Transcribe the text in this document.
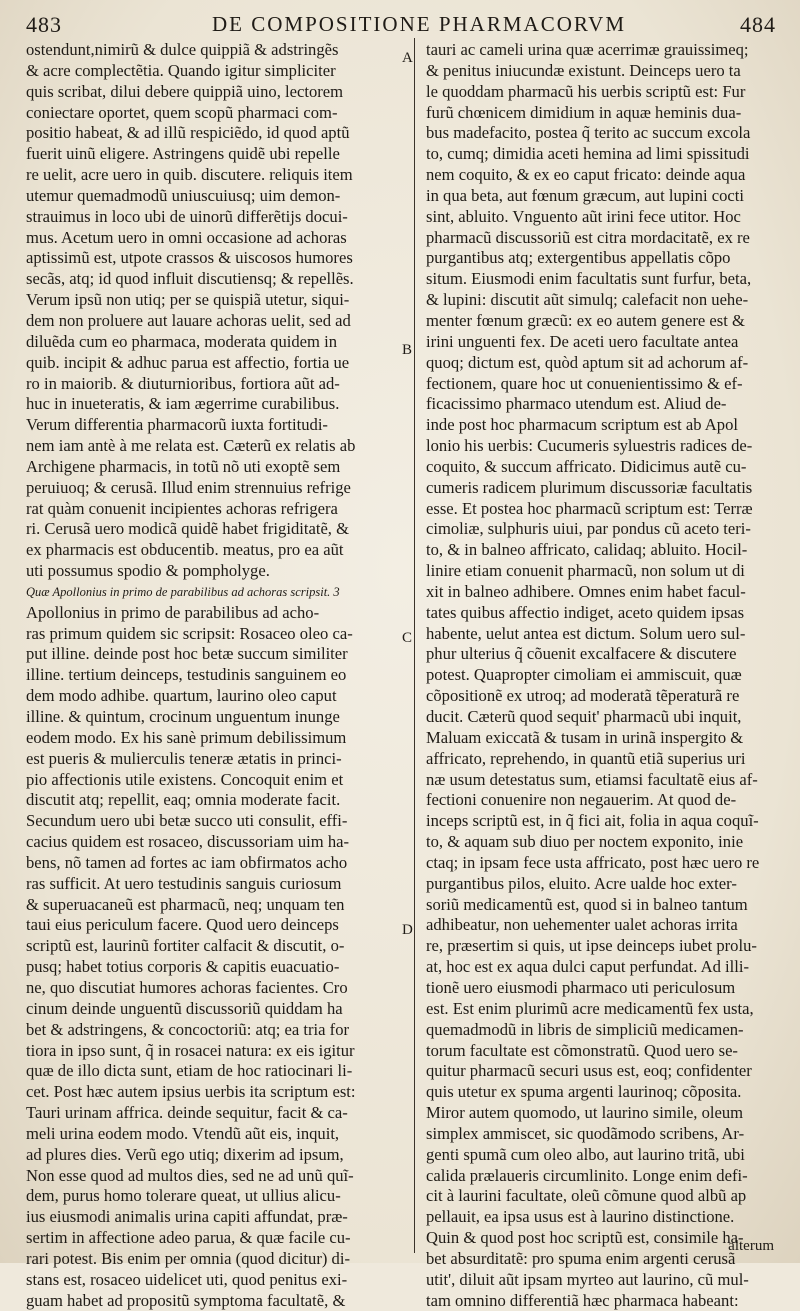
483	DE COMPOSITIONE PHARMACORVM	484
A
B
C
D
ostendunt,nimirũ & dulce quippiã & adstringẽs
& acre complectẽtia. Quando igitur simpliciter
quis scribat, dilui debere quippiã uino, lectorem
coniectare oportet, quem scopũ pharmaci com-
positio habeat, & ad illũ respiciẽdo, id quod aptũ
fuerit uinũ eligere. Astringens quidẽ ubi repelle
re uelit, acre uero in quib. discutere. reliquis item
utemur quemadmodũ uniuscuiusq; uim demon-
strauimus in loco ubi de uinorũ differẽtijs docui-
mus. Acetum uero in omni occasione ad achoras
aptissimũ est, utpote crassos & uiscosos humores
secãs, atq; id quod influit discutiensq; & repellẽs.
Verum ipsũ non utiq; per se quispiã utetur, siqui-
dem non proluere aut lauare achoras uelit, sed ad
diluẽda cum eo pharmaca, moderata quidem in
quib. incipit & adhuc parua est affectio, fortia ue
ro in maiorib. & diuturnioribus, fortiora aũt ad-
huc in inueteratis, & iam ægerrime curabilibus.
Verum differentia pharmacorũ iuxta fortitudi-
nem iam antè à me relata est. Cæterũ ex relatis ab
Archigene pharmacis, in totũ nõ uti exoptẽ sem
peruiuoq; & cerusã. Illud enim strennuius refrige
rat quàm conuenit incipientes achoras refrigera
ri. Cerusã uero modicã quidẽ habet frigiditatẽ, &
ex pharmacis est obducentib. meatus, pro ea aũt
uti possumus spodio & pompholyge.
Quæ Apollonius in primo de parabilibus ad achoras scripsit. 3
Apollonius in primo de parabilibus ad acho-
ras primum quidem sic scripsit: Rosaceo oleo ca-
put illine. deinde post hoc betæ succum similiter
illine. tertium deinceps, testudinis sanguinem eo
dem modo adhibe. quartum, laurino oleo caput
illine. & quintum, crocinum unguentum inunge
eodem modo. Ex his sanè primum debilissimum
est pueris & mulierculis teneræ ætatis in princi-
pio affectionis utile existens. Concoquit enim et
discutit atq; repellit, eaq; omnia moderate facit.
Secundum uero ubi betæ succo uti consulit, effi-
cacius quidem est rosaceo, discussoriam uim ha-
bens, nõ tamen ad fortes ac iam obfirmatos acho
ras sufficit. At uero testudinis sanguis curiosum
& superuacaneũ est pharmacũ, neq; unquam ten
taui eius periculum facere. Quod uero deinceps
scriptũ est, laurinũ fortiter calfacit & discutit, o-
pusq; habet totius corporis & capitis euacuatio-
ne, quo discutiat humores achoras facientes. Cro
cinum deinde unguentũ discussoriũ quiddam ha
bet & adstringens, & concoctoriũ: atq; ea tria for
tiora in ipso sunt, q̃ in rosacei natura: ex eis igitur
quæ de illo dicta sunt, etiam de hoc ratiocinari li-
cet. Post hæc autem ipsius uerbis ita scriptum est:
Tauri urinam affrica. deinde sequitur, facit & ca-
meli urina eodem modo. Vtendũ aũt eis, inquit,
ad plures dies. Verũ ego utiq; dixerim ad ipsum,
Non esse quod ad multos dies, sed ne ad unũ quĩ-
dem, purus homo tolerare queat, ut ullius alicu-
ius eiusmodi animalis urina capiti affundat, præ-
sertim in affectione adeo parua, & quæ facile cu-
rari potest. Bis enim per omnia (quod dicitur) di-
stans est, rosaceo uidelicet uti, quod penitus exi-
guam habet ad propositũ symptoma facultatẽ, &
tauri ac cameli urina quæ acerrimæ grauissimeq;
& penitus iniucundæ existunt. Deinceps uero ta
le quoddam pharmacũ his uerbis scriptũ est: Fur
furũ chœnicem dimidium in aquæ heminis dua-
bus madefacito, postea q̃ terito ac succum excola
to, cumq; dimidia aceti hemina ad limi spissitudi
nem coquito, & ex eo caput fricato: deinde aqua
in qua beta, aut fœnum græcum, aut lupini cocti
sint, abluito. Vnguento aũt irini fece utitor. Hoc
pharmacũ discussoriũ est citra mordacitatẽ, ex re
purgantibus atq; extergentibus appellatis cõpo
situm. Eiusmodi enim facultatis sunt furfur, beta,
& lupini: discutit aũt simulq; calefacit non uehe-
menter fœnum græcũ: ex eo autem genere est &
irini unguenti fex. De aceti uero facultate antea
quoq; dictum est, quòd aptum sit ad achorum af-
fectionem, quare hoc ut conuenientissimo & ef-
ficacissimo pharmaco utendum est. Aliud de-
inde post hoc pharmacum scriptum est ab Apol
lonio his uerbis: Cucumeris syluestris radices de-
coquito, & succum affricato. Didicimus autẽ cu-
cumeris radicem plurimum discussoriæ facultatis
esse. Et postea hoc pharmacũ scriptum est: Terræ
cimoliæ, sulphuris uiui, par pondus cũ aceto teri-
to, & in balneo affricato, calidaq; abluito. Hocil-
linire etiam conuenit pharmacũ, non solum ut di
xit in balneo adhibere. Omnes enim habet facul-
tates quibus affectio indiget, aceto quidem ipsas
habente, uelut antea est dictum. Solum uero sul-
phur ulterius q̃ cõuenit excalfacere & discutere
potest. Quapropter cimoliam ei ammiscuit, quæ
cõpositionẽ ex utroq; ad moderatã tẽperaturã re
ducit. Cæterũ quod sequit' pharmacũ ubi inquit,
Maluam exiccatã & tusam in urinã inspergito &
affricato, reprehendo, in quantũ etiã superius uri
næ usum detestatus sum, etiamsi facultatẽ eius af-
fectioni conuenire non negauerim. At quod de-
inceps scriptũ est, in q̃ fici ait, folia in aqua coquĩ-
to, & aquam sub diuo per noctem exponito, inie
ctaq; in ipsam fece usta affricato, post hæc uero re
purgantibus pilos, eluito. Acre ualde hoc exter-
soriũ medicamentũ est, quod si in balneo tantum
adhibeatur, non uehementer ualet achoras irrita
re, præsertim si quis, ut ipse deinceps iubet prolu-
at, hoc est ex aqua dulci caput perfundat. Ad illi-
tionẽ uero eiusmodi pharmaco uti periculosum
est. Est enim plurimũ acre medicamentũ fex usta,
quemadmodũ in libris de simpliciũ medicamen-
torum facultate est cõmonstratũ. Quod uero se-
quitur pharmacũ securi usus est, eoq; confidenter
quis utetur ex spuma argenti laurinoq; cõposita.
Miror autem quomodo, ut laurino simile, oleum
simplex ammiscet, sic quodãmodo scribens, Ar-
genti spumã cum oleo albo, aut laurino tritã, ubi
calida prælaueris circumlinito. Longe enim defi-
cit à laurini facultate, oleũ cõmune quod albũ ap
pellauit, ea ipsa usus est à laurino distinctione.
Quin & quod post hoc scriptũ est, consimile ha-
bet absurditatẽ: pro spuma enim argenti cerusã
utit', diluit aũt ipsam myrteo aut laurino, cũ mul-
tam omnino differentiã hæc pharmaca habeant:
alterum
